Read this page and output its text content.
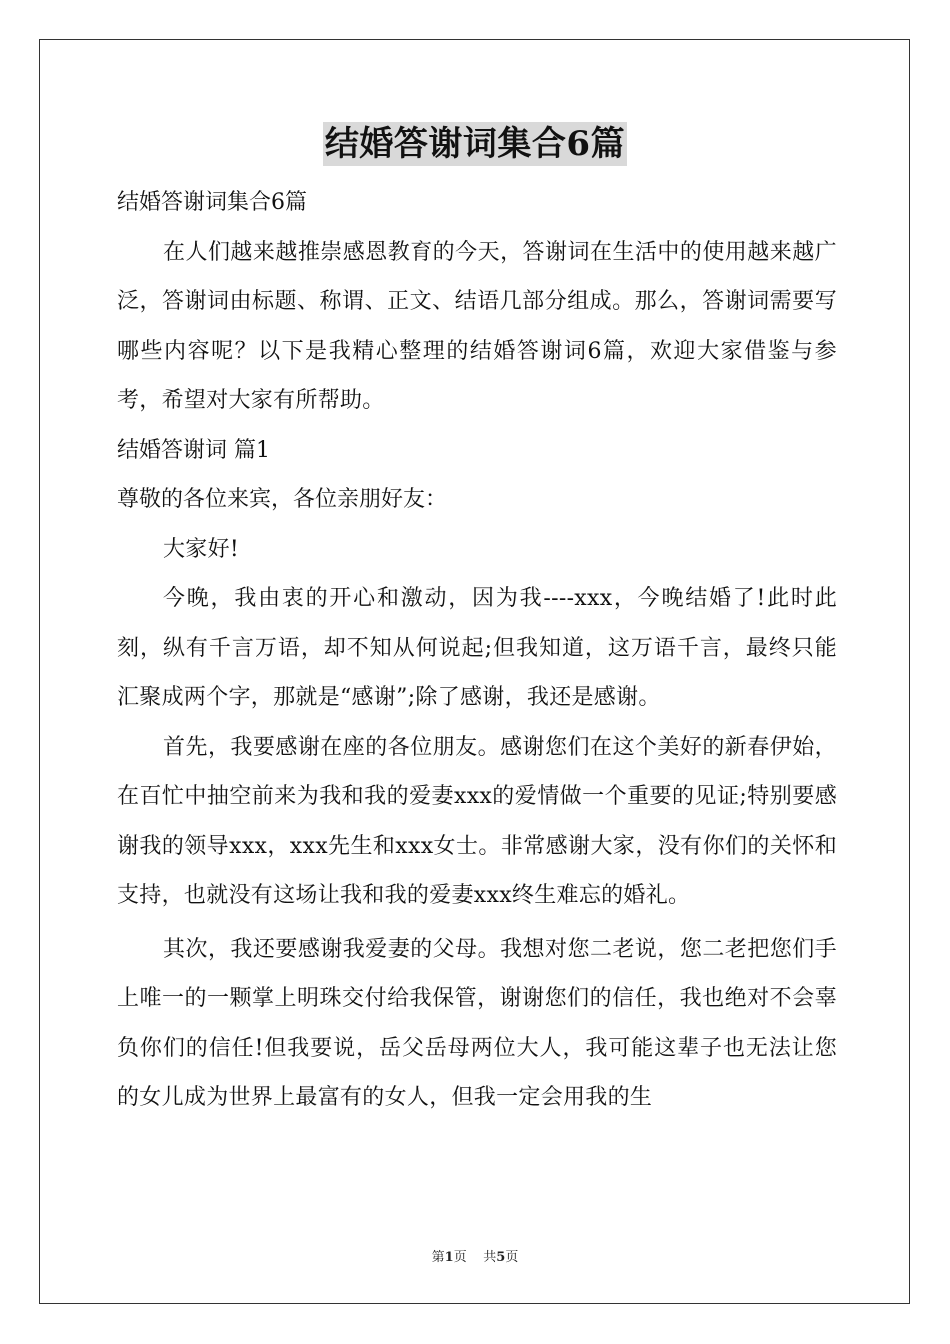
结婚答谢词集合6篇

结婚答谢词集合6篇

在人们越来越推崇感恩教育的今天，答谢词在生活中的使用越来越广泛，答谢词由标题、称谓、正文、结语几部分组成。那么，答谢词需要写哪些内容呢？以下是我精心整理的结婚答谢词6篇，欢迎大家借鉴与参考，希望对大家有所帮助。

结婚答谢词 篇1

尊敬的各位来宾，各位亲朋好友：

大家好!

今晚，我由衷的开心和激动，因为我----xxx，今晚结婚了!此时此刻，纵有千言万语，却不知从何说起;但我知道，这万语千言，最终只能汇聚成两个字，那就是“感谢”;除了感谢，我还是感谢。

首先，我要感谢在座的各位朋友。感谢您们在这个美好的新春伊始，在百忙中抽空前来为我和我的爱妻xxx的爱情做一个重要的见证;特别要感谢我的领导xxx，xxx先生和xxx女士。非常感谢大家，没有你们的关怀和支持，也就没有这场让我和我的爱妻xxx终生难忘的婚礼。

其次，我还要感谢我爱妻的父母。我想对您二老说，您二老把您们手上唯一的一颗掌上明珠交付给我保管，谢谢您们的信任，我也绝对不会辜负你们的信任!但我要说，岳父岳母两位大人，我可能这辈子也无法让您的女儿成为世界上最富有的女人，但我一定会用我的生

第1页 共5页
